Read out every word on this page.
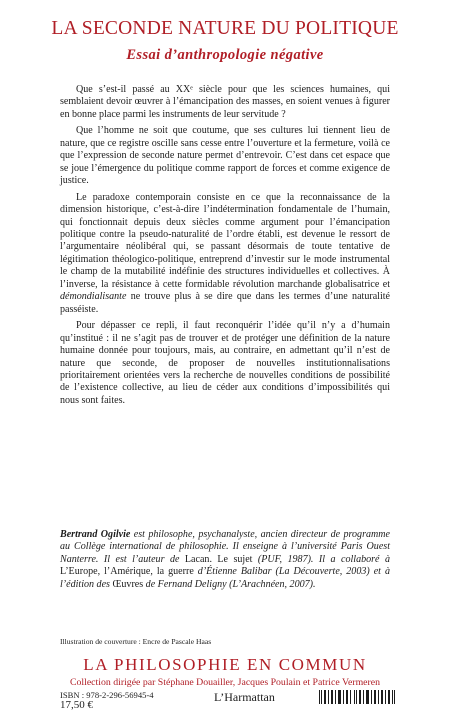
LA SECONDE NATURE DU POLITIQUE
Essai d’anthropologie négative

Que s’est-il passé au XXᵉ siècle pour que les sciences humaines, qui semblaient devoir œuvrer à l’émancipation des masses, en soient venues à figurer en bonne place parmi les instruments de leur servitude ?

Que l’homme ne soit que coutume, que ses cultures lui tiennent lieu de nature, que ce registre oscille sans cesse entre l’ouverture et la fermeture, voilà ce que l’expression de seconde nature permet d’entrevoir. C’est dans cet espace que se joue l’émergence du politique comme rapport de forces et comme exigence de justice.

Le paradoxe contemporain consiste en ce que la reconnaissance de la dimension historique, c’est-à-dire l’indétermination fondamentale de l’humain, qui fonctionnait depuis deux siècles comme argument pour l’émancipation politique contre la pseudo-naturalité de l’ordre établi, est devenue le ressort de l’argumentaire néolibéral qui, se passant désormais de toute tentative de légitimation théologico-politique, entreprend d’investir sur le mode instrumental le champ de la mutabilité indéfinie des structures individuelles et collectives. À l’inverse, la résistance à cette formidable révolution marchande globalisatrice et démondialisante ne trouve plus à se dire que dans les termes d’une naturalité passéiste.

Pour dépasser ce repli, il faut reconquérir l’idée qu’il n’y a d’humain qu’institué : il ne s’agit pas de trouver et de protéger une définition de la nature humaine donnée pour toujours, mais, au contraire, en admettant qu’il n’est de nature que seconde, de proposer de nouvelles institutionnalisations prioritairement orientées vers la recherche de nouvelles conditions de possibilité de l’existence collective, au lieu de céder aux conditions d’impossibilités qui nous sont faites.

Bertrand Ogilvie est philosophe, psychanalyste, ancien directeur de programme au Collège international de philosophie. Il enseigne à l’université Paris Ouest Nanterre. Il est l’auteur de Lacan. Le sujet (PUF, 1987). Il a collaboré à L’Europe, l’Amérique, la guerre d’Étienne Balibar (La Découverte, 2003) et à l’édition des Œuvres de Fernand Deligny (L’Arachnéen, 2007).

Illustration de couverture : Encre de Pascale Haas

LA PHILOSOPHIE EN COMMUN

Collection dirigée par Stéphane Douailler, Jacques Poulain et Patrice Vermeren

ISBN : 978-2-296-56945-4

17,50 €

L’Harmattan
